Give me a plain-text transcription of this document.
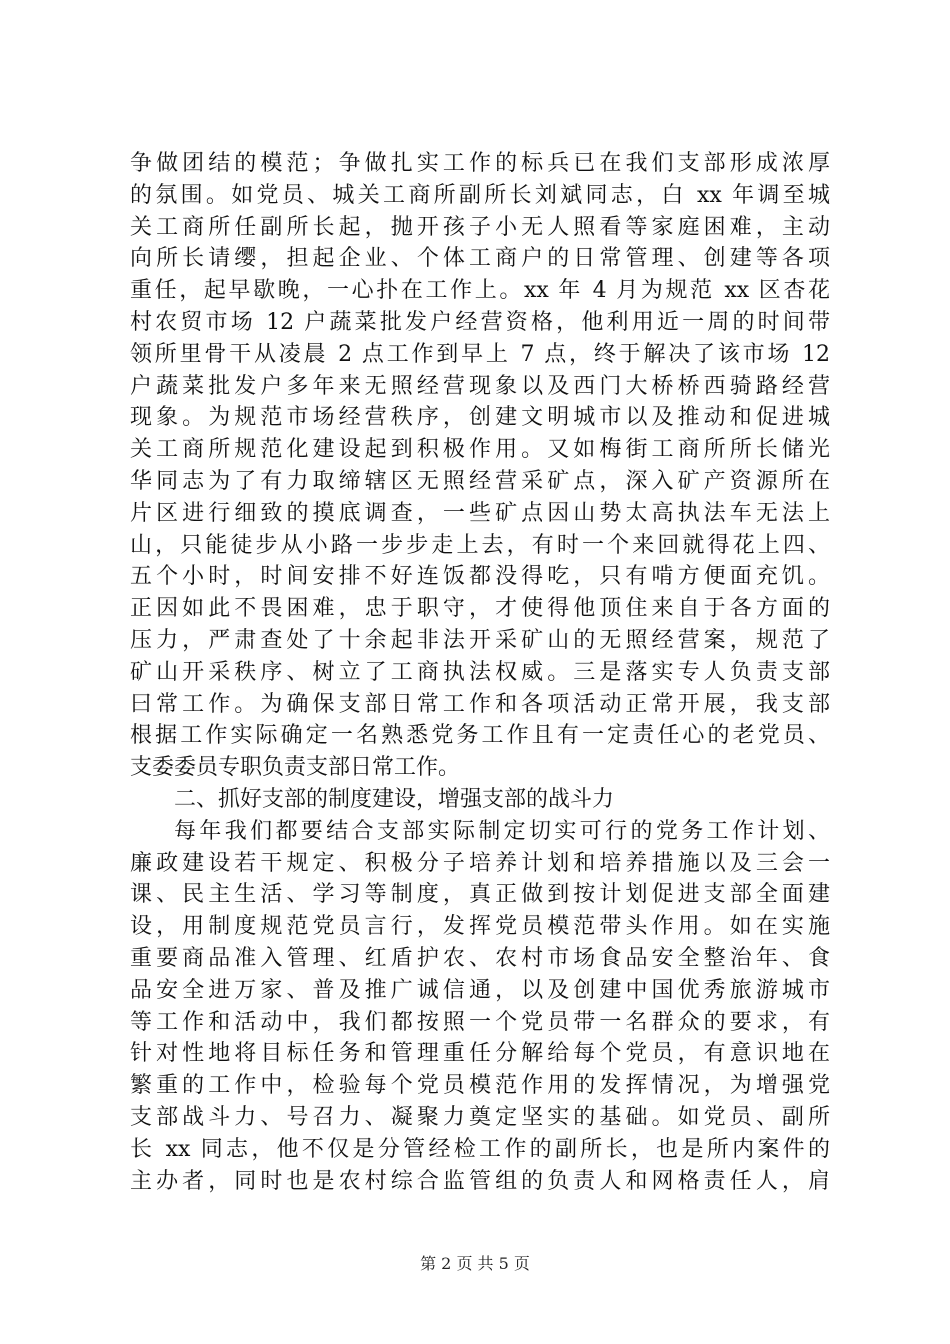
争做团结的模范；争做扎实工作的标兵已在我们支部形成浓厚
的氛围。如党员、城关工商所副所长刘斌同志，白 xx 年调至城
关工商所任副所长起，抛开孩子小无人照看等家庭困难，主动
向所长请缨，担起企业、个体工商户的日常管理、创建等各项
重任，起早歇晚，一心扑在工作上。xx 年 4 月为规范 xx 区杏花
村农贸市场 12 户蔬菜批发户经营资格，他利用近一周的时间带
领所里骨干从凌晨 2 点工作到早上 7 点，终于解决了该市场 12
户蔬菜批发户多年来无照经营现象以及西门大桥桥西骑路经营
现象。为规范市场经营秩序，创建文明城市以及推动和促进城
关工商所规范化建设起到积极作用。又如梅街工商所所长储光
华同志为了有力取缔辖区无照经营采矿点，深入矿产资源所在
片区进行细致的摸底调查，一些矿点因山势太高执法车无法上
山，只能徒步从小路一步步走上去，有时一个来回就得花上四、
五个小时，时间安排不好连饭都没得吃，只有啃方便面充饥。
正因如此不畏困难，忠于职守，才使得他顶住来自于各方面的
压力，严肃查处了十余起非法开采矿山的无照经营案，规范了
矿山开采秩序、树立了工商执法权威。三是落实专人负责支部
曰常工作。为确保支部日常工作和各项活动正常开展，我支部
根据工作实际确定一名熟悉党务工作且有一定责任心的老党员、
支委委员专职负责支部日常工作。
二、抓好支部的制度建设，增强支部的战斗力
每年我们都要结合支部实际制定切实可行的党务工作计划、
廉政建设若干规定、积极分子培养计划和培养措施以及三会一
课、民主生活、学习等制度，真正做到按计划促进支部全面建
设，用制度规范党员言行，发挥党员模范带头作用。如在实施
重要商品准入管理、红盾护农、农村市场食品安全整治年、食
品安全进万家、普及推广诚信通，以及创建中国优秀旅游城市
等工作和活动中，我们都按照一个党员带一名群众的要求，有
针对性地将目标任务和管理重任分解给每个党员，有意识地在
繁重的工作中，检验每个党员模范作用的发挥情况，为增强党
支部战斗力、号召力、凝聚力奠定坚实的基础。如党员、副所
长 xx 同志，他不仅是分管经检工作的副所长，也是所内案件的
主办者，同时也是农村综合监管组的负责人和网格责任人，肩
第 2 页 共 5 页
